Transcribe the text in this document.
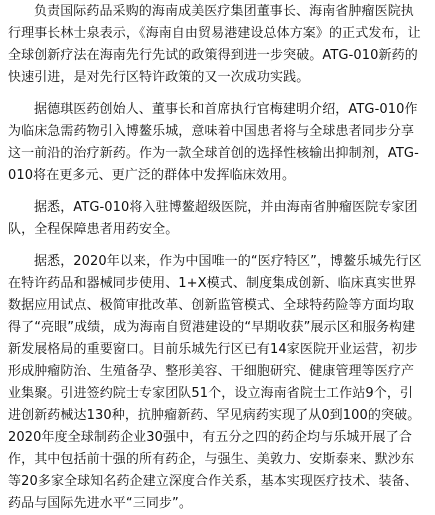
负责国际药品采购的海南成美医疗集团董事长、海南省肿瘤医院执行理事长林士泉表示，《海南自由贸易港建设总体方案》的正式发布，让全球创新疗法在海南先行先试的政策得到进一步突破。ATG-010新药的快速引进，是对先行区特许政策的又一次成功实践。

据德琪医药创始人、董事长和首席执行官梅建明介绍，ATG-010作为临床急需药物引入博鳌乐城，意味着中国患者将与全球患者同步分享这一前沿的治疗新药。作为一款全球首创的选择性核输出抑制剂，ATG-010将在更多元、更广泛的群体中发挥临床效用。

据悉，ATG-010将入驻博鳌超级医院，并由海南省肿瘤医院专家团队，全程保障患者用药安全。

据悉，2020年以来，作为中国唯一的“医疗特区”，博鳌乐城先行区在特许药品和器械同步使用、1+X模式、制度集成创新、临床真实世界数据应用试点、极简审批改革、创新监管模式、全球特药险等方面均取得了“亮眼”成绩，成为海南自贸港建设的“早期收获”展示区和服务构建新发展格局的重要窗口。目前乐城先行区已有14家医院开业运营，初步形成肿瘤防治、生殖备孕、整形美容、干细胞研究、健康管理等医疗产业集聚。引进签约院士专家团队51个，设立海南省院士工作站9个，引进创新药械达130种，抗肿瘤新药、罕见病药实现了从0到100的突破。2020年度全球制药企业30强中，有五分之四的药企均与乐城开展了合作，其中包括前十强的所有药企，与强生、美敦力、安斯泰来、默沙东等20多家全球知名药企建立深度合作关系，基本实现医疗技术、装备、药品与国际先进水平“三同步”。
